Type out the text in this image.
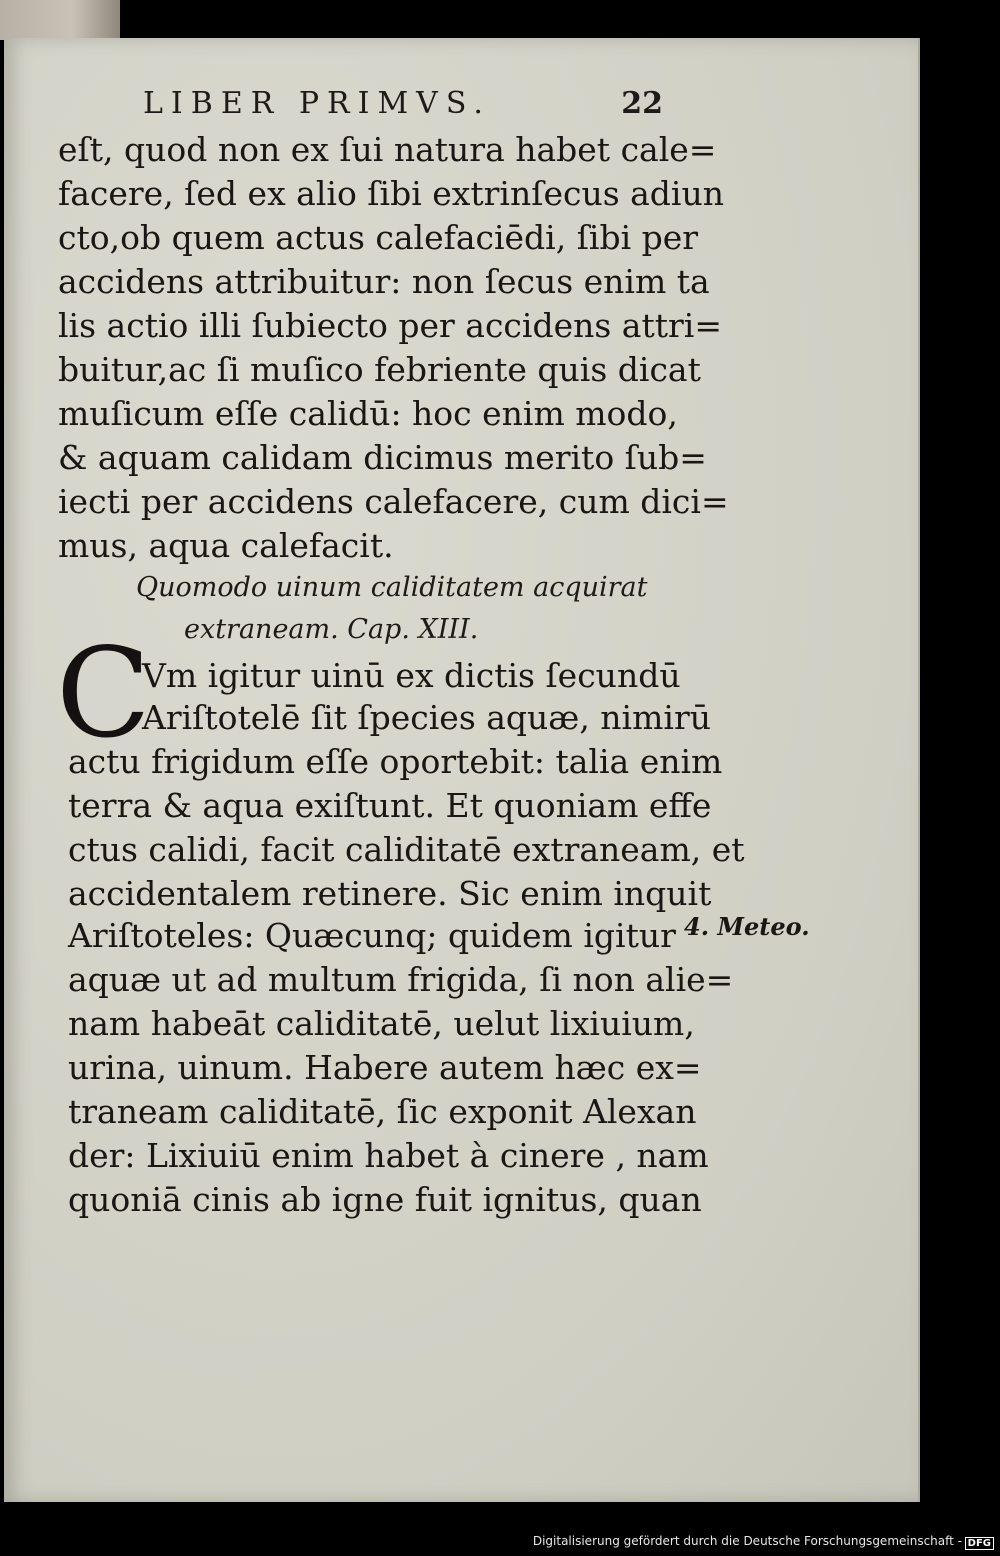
LIBER PRIMVS.	22
eſt, quod non ex ſui natura habet cale=
facere, ſed ex alio ſibi extrinſecus adiun
cto,ob quem actus calefaciēdi, ſibi per
accidens attribuitur: non ſecus enim ta
lis actio illi ſubiecto per accidens attri=
buitur,ac ſi muſico febriente quis dicat
muſicum eſſe calidū: hoc enim modo,
& aquam calidam dicimus merito ſub=
iecti per accidens calefacere, cum dici=
mus, aqua calefacit.
Quomodo uinum caliditatem acquirat
extraneam. Cap. XIII.
C
Vm igitur uinū ex dictis ſecundū
Ariſtotelē ſit ſpecies aquæ, nimirū
actu frigidum eſſe oportebit: talia enim
terra & aqua exiſtunt. Et quoniam effe
ctus calidi, facit caliditatē extraneam, et
accidentalem retinere. Sic enim inquit
Ariſtoteles: Quæcunq; quidem igitur
aquæ ut ad multum frigida, ſi non alie=
nam habeāt caliditatē, uelut lixiuium,
urina, uinum. Habere autem hæc ex=
traneam caliditatē, ſic exponit Alexan
der: Lixiuiū enim habet à cinere , nam
quoniā cinis ab igne fuit ignitus, quan
4. Meteo.
Digitalisierung gefördert durch die Deutsche Forschungsgemeinschaft - DFG
